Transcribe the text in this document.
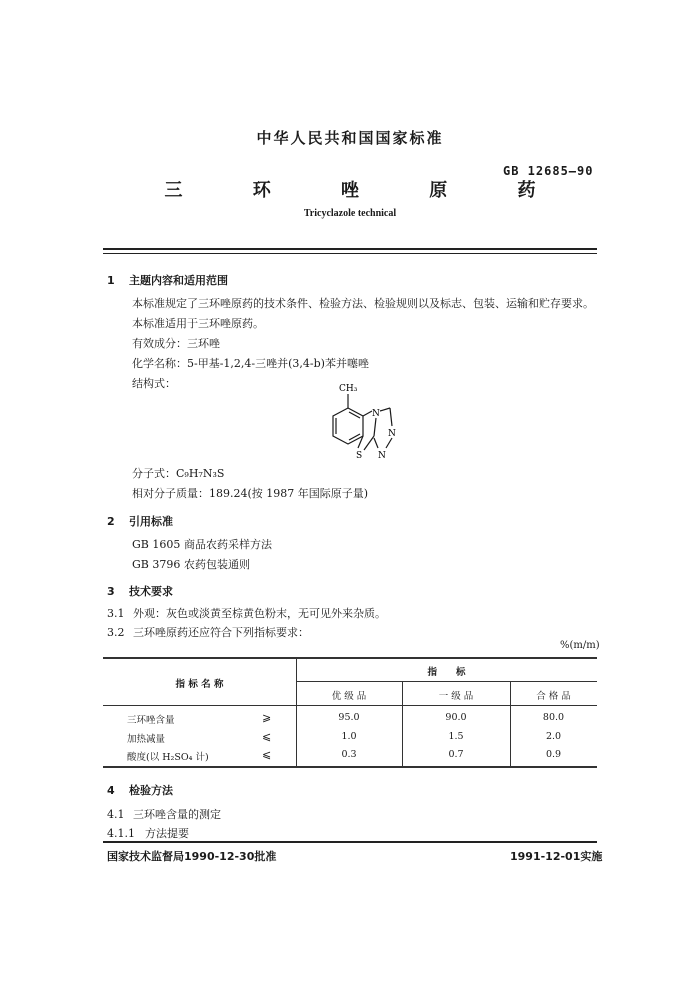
中华人民共和国国家标准
GB 12685—90
三 环 唑 原 药
Tricyclazole technical
1 主题内容和适用范围
本标准规定了三环唑原药的技术条件、检验方法、检验规则以及标志、包装、运输和贮存要求。
本标准适用于三环唑原药。
有效成分：三环唑
化学名称：5-甲基-1,2,4-三唑并(3,4-b)苯并噻唑
结构式：	CH₃
N
N
N
S
分子式：C₉H₇N₃S
相对分子质量：189.24(按 1987 年国际原子量)
2 引用标准
GB 1605 商品农药采样方法
GB 3796 农药包装通则
3 技术要求
3.1 外观：灰色或淡黄至棕黄色粉末，无可见外来杂质。
3.2 三环唑原药还应符合下列指标要求：
%(m/m)
指 标 名 称
指　　标
优 级 品	一 级 品	合 格 品
三环唑含量	⩾	95.0	90.0	80.0
加热减量	⩽	1.0	1.5	2.0
酸度(以 H₂SO₄ 计)	⩽	0.3	0.7	0.9
4 检验方法
4.1 三环唑含量的测定
4.1.1 方法提要
国家技术监督局1990-12-30批准	1991-12-01实施
